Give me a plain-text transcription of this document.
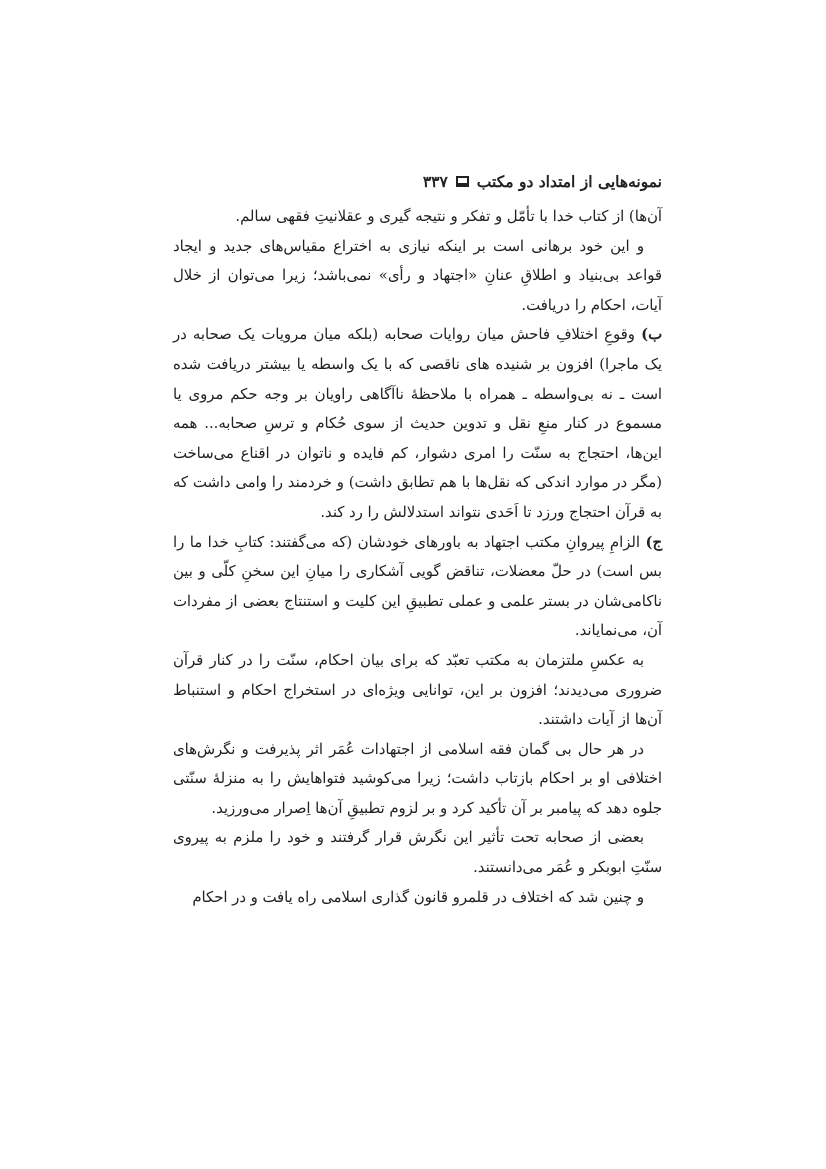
۳۳۷ نمونه‌هایی از امتداد دو مکتب

آن‌ها) از کتاب خدا با تأمّل و تفکر و نتیجه گیری و عقلانیتِ فقهی سالم.

و این خود برهانی است بر اینکه نیازی به اختراع مقیاس‌های جدید و ایجاد قواعد بی‌بنیاد و اطلاقِ عنانِ «اجتهاد و رأی» نمی‌باشد؛ زیرا می‌توان از خلال آیات، احکام را دریافت.

ب) وقوعِ اختلافِ فاحش میان روایات صحابه (بلکه میان مرویات یک صحابه در یک ماجرا) افزون بر شنیده های ناقصی که با یک واسطه یا بیشتر دریافت شده است ـ نه بی‌واسطه ـ همراه با ملاحظهٔ ناآگاهی راویان بر وجه حکم مروی یا مسموع در کنار منعِ نقل و تدوین حدیث از سوی حُکام و ترسِ صحابه... همه این‌ها، احتجاج به سنّت را امری دشوار، کم فایده و ناتوان در اقناع می‌ساخت (مگر در موارد اندکی که نقل‌ها با هم تطابق داشت) و خردمند را وامی داشت که به قرآن احتجاج ورزد تا اَحَدی نتواند استدلالش را رد کند.

ج) الزامِ پیروانِ مکتب اجتهاد به باورهای خودشان (که می‌گفتند: کتابِ خدا ما را بس است) در حلّ معضلات، تناقض گویی آشکاری را میانِ این سخنِ کلّی و بین ناکامی‌شان در بستر علمی و عملی تطبیقِ این کلیت و استنتاج بعضی از مفردات آن، می‌نمایاند.

به عکسِ ملتزمان به مکتب تعبّد که برای بیان احکام، سنّت را در کنار قرآن ضروری می‌دیدند؛ افزون بر این، توانایی ویژه‌ای در استخراج احکام و استنباط آن‌ها از آیات داشتند.

در هر حال بی گمان فقه اسلامی از اجتهادات عُمَر اثر پذیرفت و نگرش‌های اختلافی او بر احکام بازتاب داشت؛ زیرا می‌کوشید فتواهایش را به منزلهٔ سنّتی جلوه دهد که پیامبر بر آن تأکید کرد و بر لزوم تطبیقِ آن‌ها اِصرار می‌ورزید.

بعضی از صحابه تحت تأثیر این نگرش قرار گرفتند و خود را ملزم به پیروی سنّتِ ابوبکر و عُمَر می‌دانستند.

و چنین شد که اختلاف در قلمرو قانون گذاری اسلامی راه یافت و در احکام
